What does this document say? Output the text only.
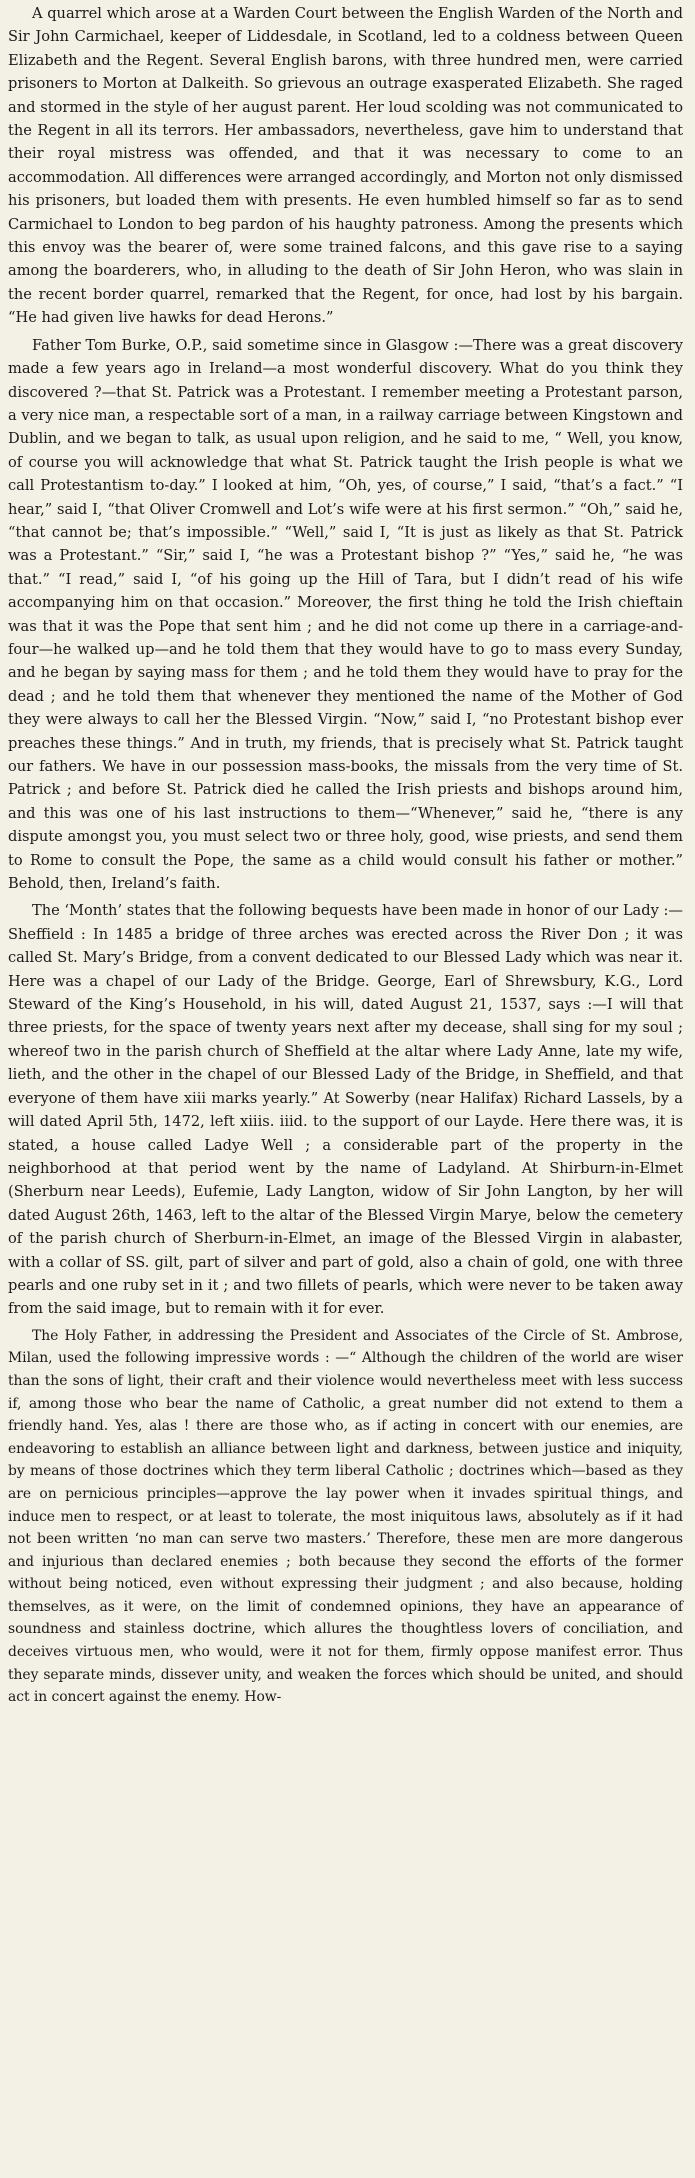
A quarrel which arose at a Warden Court between the English Warden of the North and Sir John Carmichael, keeper of Liddesdale, in Scotland, led to a coldness between Queen Elizabeth and the Regent. Several English barons, with three hundred men, were carried prisoners to Morton at Dalkeith. So grievous an outrage exasperated Elizabeth. She raged and stormed in the style of her august parent. Her loud scolding was not communicated to the Regent in all its terrors. Her ambassadors, nevertheless, gave him to understand that their royal mistress was offended, and that it was necessary to come to an accommodation. All differences were arranged accordingly, and Morton not only dismissed his prisoners, but loaded them with presents. He even humbled himself so far as to send Carmichael to London to beg pardon of his haughty patroness. Among the presents which this envoy was the bearer of, were some trained falcons, and this gave rise to a saying among the boarderers, who, in alluding to the death of Sir John Heron, who was slain in the recent border quarrel, remarked that the Regent, for once, had lost by his bargain. “He had given live hawks for dead Herons.”

Father Tom Burke, O.P., said sometime since in Glasgow :—There was a great discovery made a few years ago in Ireland—a most wonderful discovery. What do you think they discovered ?—that St. Patrick was a Protestant. I remember meeting a Protestant parson, a very nice man, a respectable sort of a man, in a railway carriage between Kingstown and Dublin, and we began to talk, as usual upon religion, and he said to me, “ Well, you know, of course you will acknowledge that what St. Patrick taught the Irish people is what we call Protestantism to-day.” I looked at him, “Oh, yes, of course,” I said, “that’s a fact.” “I hear,” said I, “that Oliver Cromwell and Lot’s wife were at his first sermon.” “Oh,” said he, “that cannot be; that’s impossible.” “Well,” said I, “It is just as likely as that St. Patrick was a Protestant.” “Sir,” said I, “he was a Protestant bishop ?” “Yes,” said he, “he was that.” “I read,” said I, “of his going up the Hill of Tara, but I didn’t read of his wife accompanying him on that occasion.” Moreover, the first thing he told the Irish chieftain was that it was the Pope that sent him ; and he did not come up there in a carriage-and-four—he walked up—and he told them that they would have to go to mass every Sunday, and he began by saying mass for them ; and he told them they would have to pray for the dead ; and he told them that whenever they mentioned the name of the Mother of God they were always to call her the Blessed Virgin. “Now,” said I, “no Protestant bishop ever preaches these things.” And in truth, my friends, that is precisely what St. Patrick taught our fathers. We have in our possession mass-books, the missals from the very time of St. Patrick ; and before St. Patrick died he called the Irish priests and bishops around him, and this was one of his last instructions to them—“Whenever,” said he, “there is any dispute amongst you, you must select two or three holy, good, wise priests, and send them to Rome to consult the Pope, the same as a child would consult his father or mother.” Behold, then, Ireland’s faith.

The ‘Month’ states that the following bequests have been made in honor of our Lady :—Sheffield : In 1485 a bridge of three arches was erected across the River Don ; it was called St. Mary’s Bridge, from a convent dedicated to our Blessed Lady which was near it. Here was a chapel of our Lady of the Bridge. George, Earl of Shrewsbury, K.G., Lord Steward of the King’s Household, in his will, dated August 21, 1537, says :—I will that three priests, for the space of twenty years next after my decease, shall sing for my soul ; whereof two in the parish church of Sheffield at the altar where Lady Anne, late my wife, lieth, and the other in the chapel of our Blessed Lady of the Bridge, in Sheffield, and that everyone of them have xiii marks yearly.” At Sowerby (near Halifax) Richard Lassels, by a will dated April 5th, 1472, left xiiis. iiid. to the support of our Layde. Here there was, it is stated, a house called Ladye Well ; a considerable part of the property in the neighborhood at that period went by the name of Ladyland. At Shirburn-in-Elmet (Sherburn near Leeds), Eufemie, Lady Langton, widow of Sir John Langton, by her will dated August 26th, 1463, left to the altar of the Blessed Virgin Marye, below the cemetery of the parish church of Sherburn-in-Elmet, an image of the Blessed Virgin in alabaster, with a collar of SS. gilt, part of silver and part of gold, also a chain of gold, one with three pearls and one ruby set in it ; and two fillets of pearls, which were never to be taken away from the said image, but to remain with it for ever.

The Holy Father, in addressing the President and Associates of the Circle of St. Ambrose, Milan, used the following impressive words : —“ Although the children of the world are wiser than the sons of light, their craft and their violence would nevertheless meet with less success if, among those who bear the name of Catholic, a great number did not extend to them a friendly hand. Yes, alas ! there are those who, as if acting in concert with our enemies, are endeavoring to establish an alliance between light and darkness, between justice and iniquity, by means of those doctrines which they term liberal Catholic ; doctrines which—based as they are on pernicious principles—approve the lay power when it invades spiritual things, and induce men to respect, or at least to tolerate, the most iniquitous laws, absolutely as if it had not been written ‘no man can serve two masters.’ Therefore, these men are more dangerous and injurious than declared enemies ; both because they second the efforts of the former without being noticed, even without expressing their judgment ; and also because, holding themselves, as it were, on the limit of condemned opinions, they have an appearance of soundness and stainless doctrine, which allures the thoughtless lovers of conciliation, and deceives virtuous men, who would, were it not for them, firmly oppose manifest error. Thus they separate minds, dissever unity, and weaken the forces which should be united, and should act in concert against the enemy. How-
